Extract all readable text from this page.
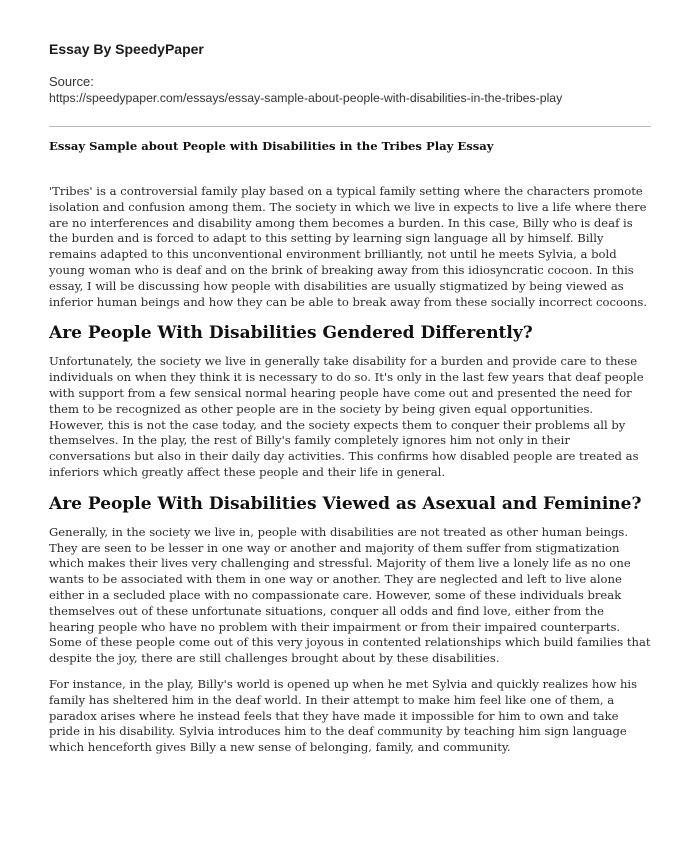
Essay By SpeedyPaper
Source:
https://speedypaper.com/essays/essay-sample-about-people-with-disabilities-in-the-tribes-play
Essay Sample about People with Disabilities in the Tribes Play Essay

'Tribes' is a controversial family play based on a typical family setting where the characters promote isolation and confusion among them. The society in which we live in expects to live a life where there are no interferences and disability among them becomes a burden. In this case, Billy who is deaf is the burden and is forced to adapt to this setting by learning sign language all by himself. Billy remains adapted to this unconventional environment brilliantly, not until he meets Sylvia, a bold young woman who is deaf and on the brink of breaking away from this idiosyncratic cocoon. In this essay, I will be discussing how people with disabilities are usually stigmatized by being viewed as inferior human beings and how they can be able to break away from these socially incorrect cocoons.

Are People With Disabilities Gendered Differently?

Unfortunately, the society we live in generally take disability for a burden and provide care to these individuals on when they think it is necessary to do so. It's only in the last few years that deaf people with support from a few sensical normal hearing people have come out and presented the need for them to be recognized as other people are in the society by being given equal opportunities. However, this is not the case today, and the society expects them to conquer their problems all by themselves. In the play, the rest of Billy's family completely ignores him not only in their conversations but also in their daily day activities. This confirms how disabled people are treated as inferiors which greatly affect these people and their life in general.

Are People With Disabilities Viewed as Asexual and Feminine?

Generally, in the society we live in, people with disabilities are not treated as other human beings. They are seen to be lesser in one way or another and majority of them suffer from stigmatization which makes their lives very challenging and stressful. Majority of them live a lonely life as no one wants to be associated with them in one way or another. They are neglected and left to live alone either in a secluded place with no compassionate care. However, some of these individuals break themselves out of these unfortunate situations, conquer all odds and find love, either from the hearing people who have no problem with their impairment or from their impaired counterparts. Some of these people come out of this very joyous in contented relationships which build families that despite the joy, there are still challenges brought about by these disabilities.

For instance, in the play, Billy's world is opened up when he met Sylvia and quickly realizes how his family has sheltered him in the deaf world. In their attempt to make him feel like one of them, a paradox arises where he instead feels that they have made it impossible for him to own and take pride in his disability. Sylvia introduces him to the deaf community by teaching him sign language which henceforth gives Billy a new sense of belonging, family, and community.
